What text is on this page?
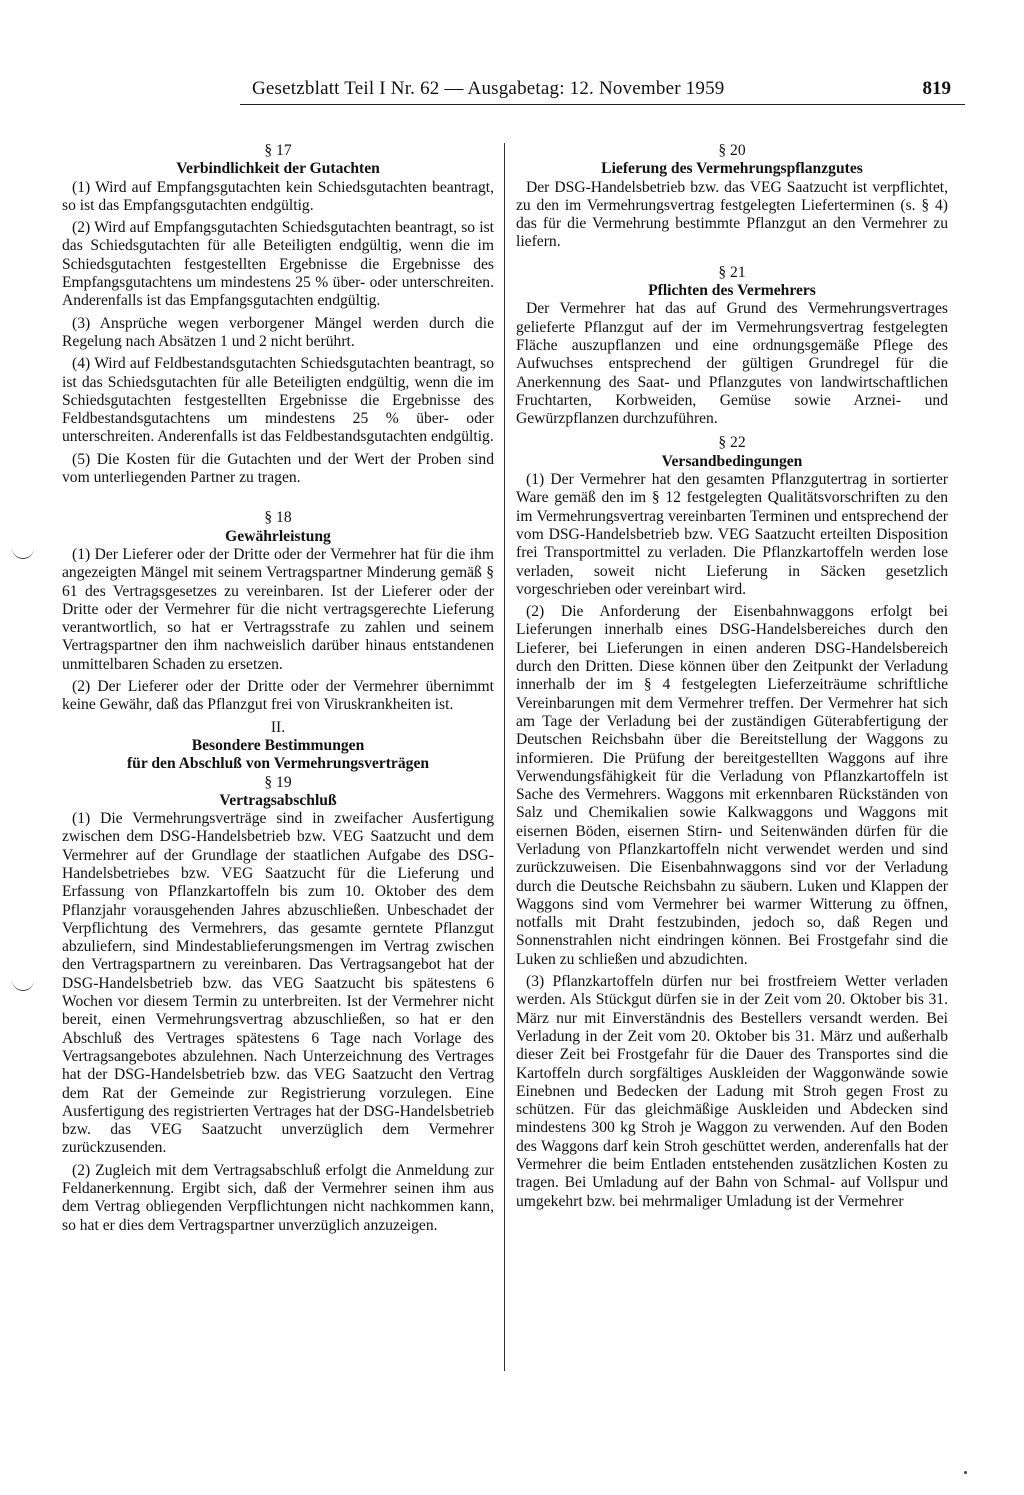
Gesetzblatt Teil I Nr. 62 — Ausgabetag: 12. November 1959	819

§ 17

Verbindlichkeit der Gutachten

(1) Wird auf Empfangsgutachten kein Schiedsgutachten beantragt, so ist das Empfangsgutachten endgültig.

(2) Wird auf Empfangsgutachten Schiedsgutachten beantragt, so ist das Schiedsgutachten für alle Beteiligten endgültig, wenn die im Schiedsgutachten festgestellten Ergebnisse die Ergebnisse des Empfangsgutachtens um mindestens 25 % über- oder unterschreiten. Anderenfalls ist das Empfangsgutachten endgültig.

(3) Ansprüche wegen verborgener Mängel werden durch die Regelung nach Absätzen 1 und 2 nicht berührt.

(4) Wird auf Feldbestandsgutachten Schiedsgutachten beantragt, so ist das Schiedsgutachten für alle Beteiligten endgültig, wenn die im Schiedsgutachten festgestellten Ergebnisse die Ergebnisse des Feldbestandsgutachtens um mindestens 25 % über- oder unterschreiten. Anderenfalls ist das Feldbestandsgutachten endgültig.

(5) Die Kosten für die Gutachten und der Wert der Proben sind vom unterliegenden Partner zu tragen.

§ 18

Gewährleistung

(1) Der Lieferer oder der Dritte oder der Vermehrer hat für die ihm angezeigten Mängel mit seinem Vertragspartner Minderung gemäß § 61 des Vertragsgesetzes zu vereinbaren. Ist der Lieferer oder der Dritte oder der Vermehrer für die nicht vertragsgerechte Lieferung verantwortlich, so hat er Vertragsstrafe zu zahlen und seinem Vertragspartner den ihm nachweislich darüber hinaus entstandenen unmittelbaren Schaden zu ersetzen.

(2) Der Lieferer oder der Dritte oder der Vermehrer übernimmt keine Gewähr, daß das Pflanzgut frei von Viruskrankheiten ist.

II.

Besondere Bestimmungen

für den Abschluß von Vermehrungsverträgen

§ 19

Vertragsabschluß

(1) Die Vermehrungsverträge sind in zweifacher Ausfertigung zwischen dem DSG-Handelsbetrieb bzw. VEG Saatzucht und dem Vermehrer auf der Grundlage der staatlichen Aufgabe des DSG-Handelsbetriebes bzw. VEG Saatzucht für die Lieferung und Erfassung von Pflanzkartoffeln bis zum 10. Oktober des dem Pflanzjahr vorausgehenden Jahres abzuschließen. Unbeschadet der Verpflichtung des Vermehrers, das gesamte gerntete Pflanzgut abzuliefern, sind Mindestablieferungsmengen im Vertrag zwischen den Vertragspartnern zu vereinbaren. Das Vertragsangebot hat der DSG-Handelsbetrieb bzw. das VEG Saatzucht bis spätestens 6 Wochen vor diesem Termin zu unterbreiten. Ist der Vermehrer nicht bereit, einen Vermehrungsvertrag abzuschließen, so hat er den Abschluß des Vertrages spätestens 6 Tage nach Vorlage des Vertragsangebotes abzulehnen. Nach Unterzeichnung des Vertrages hat der DSG-Handelsbetrieb bzw. das VEG Saatzucht den Vertrag dem Rat der Gemeinde zur Registrierung vorzulegen. Eine Ausfertigung des registrierten Vertrages hat der DSG-Handelsbetrieb bzw. das VEG Saatzucht unverzüglich dem Vermehrer zurückzusenden.

(2) Zugleich mit dem Vertragsabschluß erfolgt die Anmeldung zur Feldanerkennung. Ergibt sich, daß der Vermehrer seinen ihm aus dem Vertrag obliegenden Verpflichtungen nicht nachkommen kann, so hat er dies dem Vertragspartner unverzüglich anzuzeigen.

§ 20

Lieferung des Vermehrungspflanzgutes

Der DSG-Handelsbetrieb bzw. das VEG Saatzucht ist verpflichtet, zu den im Vermehrungsvertrag festgelegten Lieferterminen (s. § 4) das für die Vermehrung bestimmte Pflanzgut an den Vermehrer zu liefern.

§ 21

Pflichten des Vermehrers

Der Vermehrer hat das auf Grund des Vermehrungsvertrages gelieferte Pflanzgut auf der im Vermehrungsvertrag festgelegten Fläche auszupflanzen und eine ordnungsgemäße Pflege des Aufwuchses entsprechend der gültigen Grundregel für die Anerkennung des Saat- und Pflanzgutes von landwirtschaftlichen Fruchtarten, Korbweiden, Gemüse sowie Arznei- und Gewürzpflanzen durchzuführen.

§ 22

Versandbedingungen

(1) Der Vermehrer hat den gesamten Pflanzgutertrag in sortierter Ware gemäß den im § 12 festgelegten Qualitätsvorschriften zu den im Vermehrungsvertrag vereinbarten Terminen und entsprechend der vom DSG-Handelsbetrieb bzw. VEG Saatzucht erteilten Disposition frei Transportmittel zu verladen. Die Pflanzkartoffeln werden lose verladen, soweit nicht Lieferung in Säcken gesetzlich vorgeschrieben oder vereinbart wird.

(2) Die Anforderung der Eisenbahnwaggons erfolgt bei Lieferungen innerhalb eines DSG-Handelsbereiches durch den Lieferer, bei Lieferungen in einen anderen DSG-Handelsbereich durch den Dritten. Diese können über den Zeitpunkt der Verladung innerhalb der im § 4 festgelegten Lieferzeiträume schriftliche Vereinbarungen mit dem Vermehrer treffen. Der Vermehrer hat sich am Tage der Verladung bei der zuständigen Güterabfertigung der Deutschen Reichsbahn über die Bereitstellung der Waggons zu informieren. Die Prüfung der bereitgestellten Waggons auf ihre Verwendungsfähigkeit für die Verladung von Pflanzkartoffeln ist Sache des Vermehrers. Waggons mit erkennbaren Rückständen von Salz und Chemikalien sowie Kalkwaggons und Waggons mit eisernen Böden, eisernen Stirn- und Seitenwänden dürfen für die Verladung von Pflanzkartoffeln nicht verwendet werden und sind zurückzuweisen. Die Eisenbahnwaggons sind vor der Verladung durch die Deutsche Reichsbahn zu säubern. Luken und Klappen der Waggons sind vom Vermehrer bei warmer Witterung zu öffnen, notfalls mit Draht festzubinden, jedoch so, daß Regen und Sonnenstrahlen nicht eindringen können. Bei Frostgefahr sind die Luken zu schließen und abzudichten.

(3) Pflanzkartoffeln dürfen nur bei frostfreiem Wetter verladen werden. Als Stückgut dürfen sie in der Zeit vom 20. Oktober bis 31. März nur mit Einverständnis des Bestellers versandt werden. Bei Verladung in der Zeit vom 20. Oktober bis 31. März und außerhalb dieser Zeit bei Frostgefahr für die Dauer des Transportes sind die Kartoffeln durch sorgfältiges Auskleiden der Waggonwände sowie Einebnen und Bedecken der Ladung mit Stroh gegen Frost zu schützen. Für das gleichmäßige Auskleiden und Abdecken sind mindestens 300 kg Stroh je Waggon zu verwenden. Auf den Boden des Waggons darf kein Stroh geschüttet werden, anderenfalls hat der Vermehrer die beim Entladen entstehenden zusätzlichen Kosten zu tragen. Bei Umladung auf der Bahn von Schmal- auf Vollspur und umgekehrt bzw. bei mehrmaliger Umladung ist der Vermehrer
